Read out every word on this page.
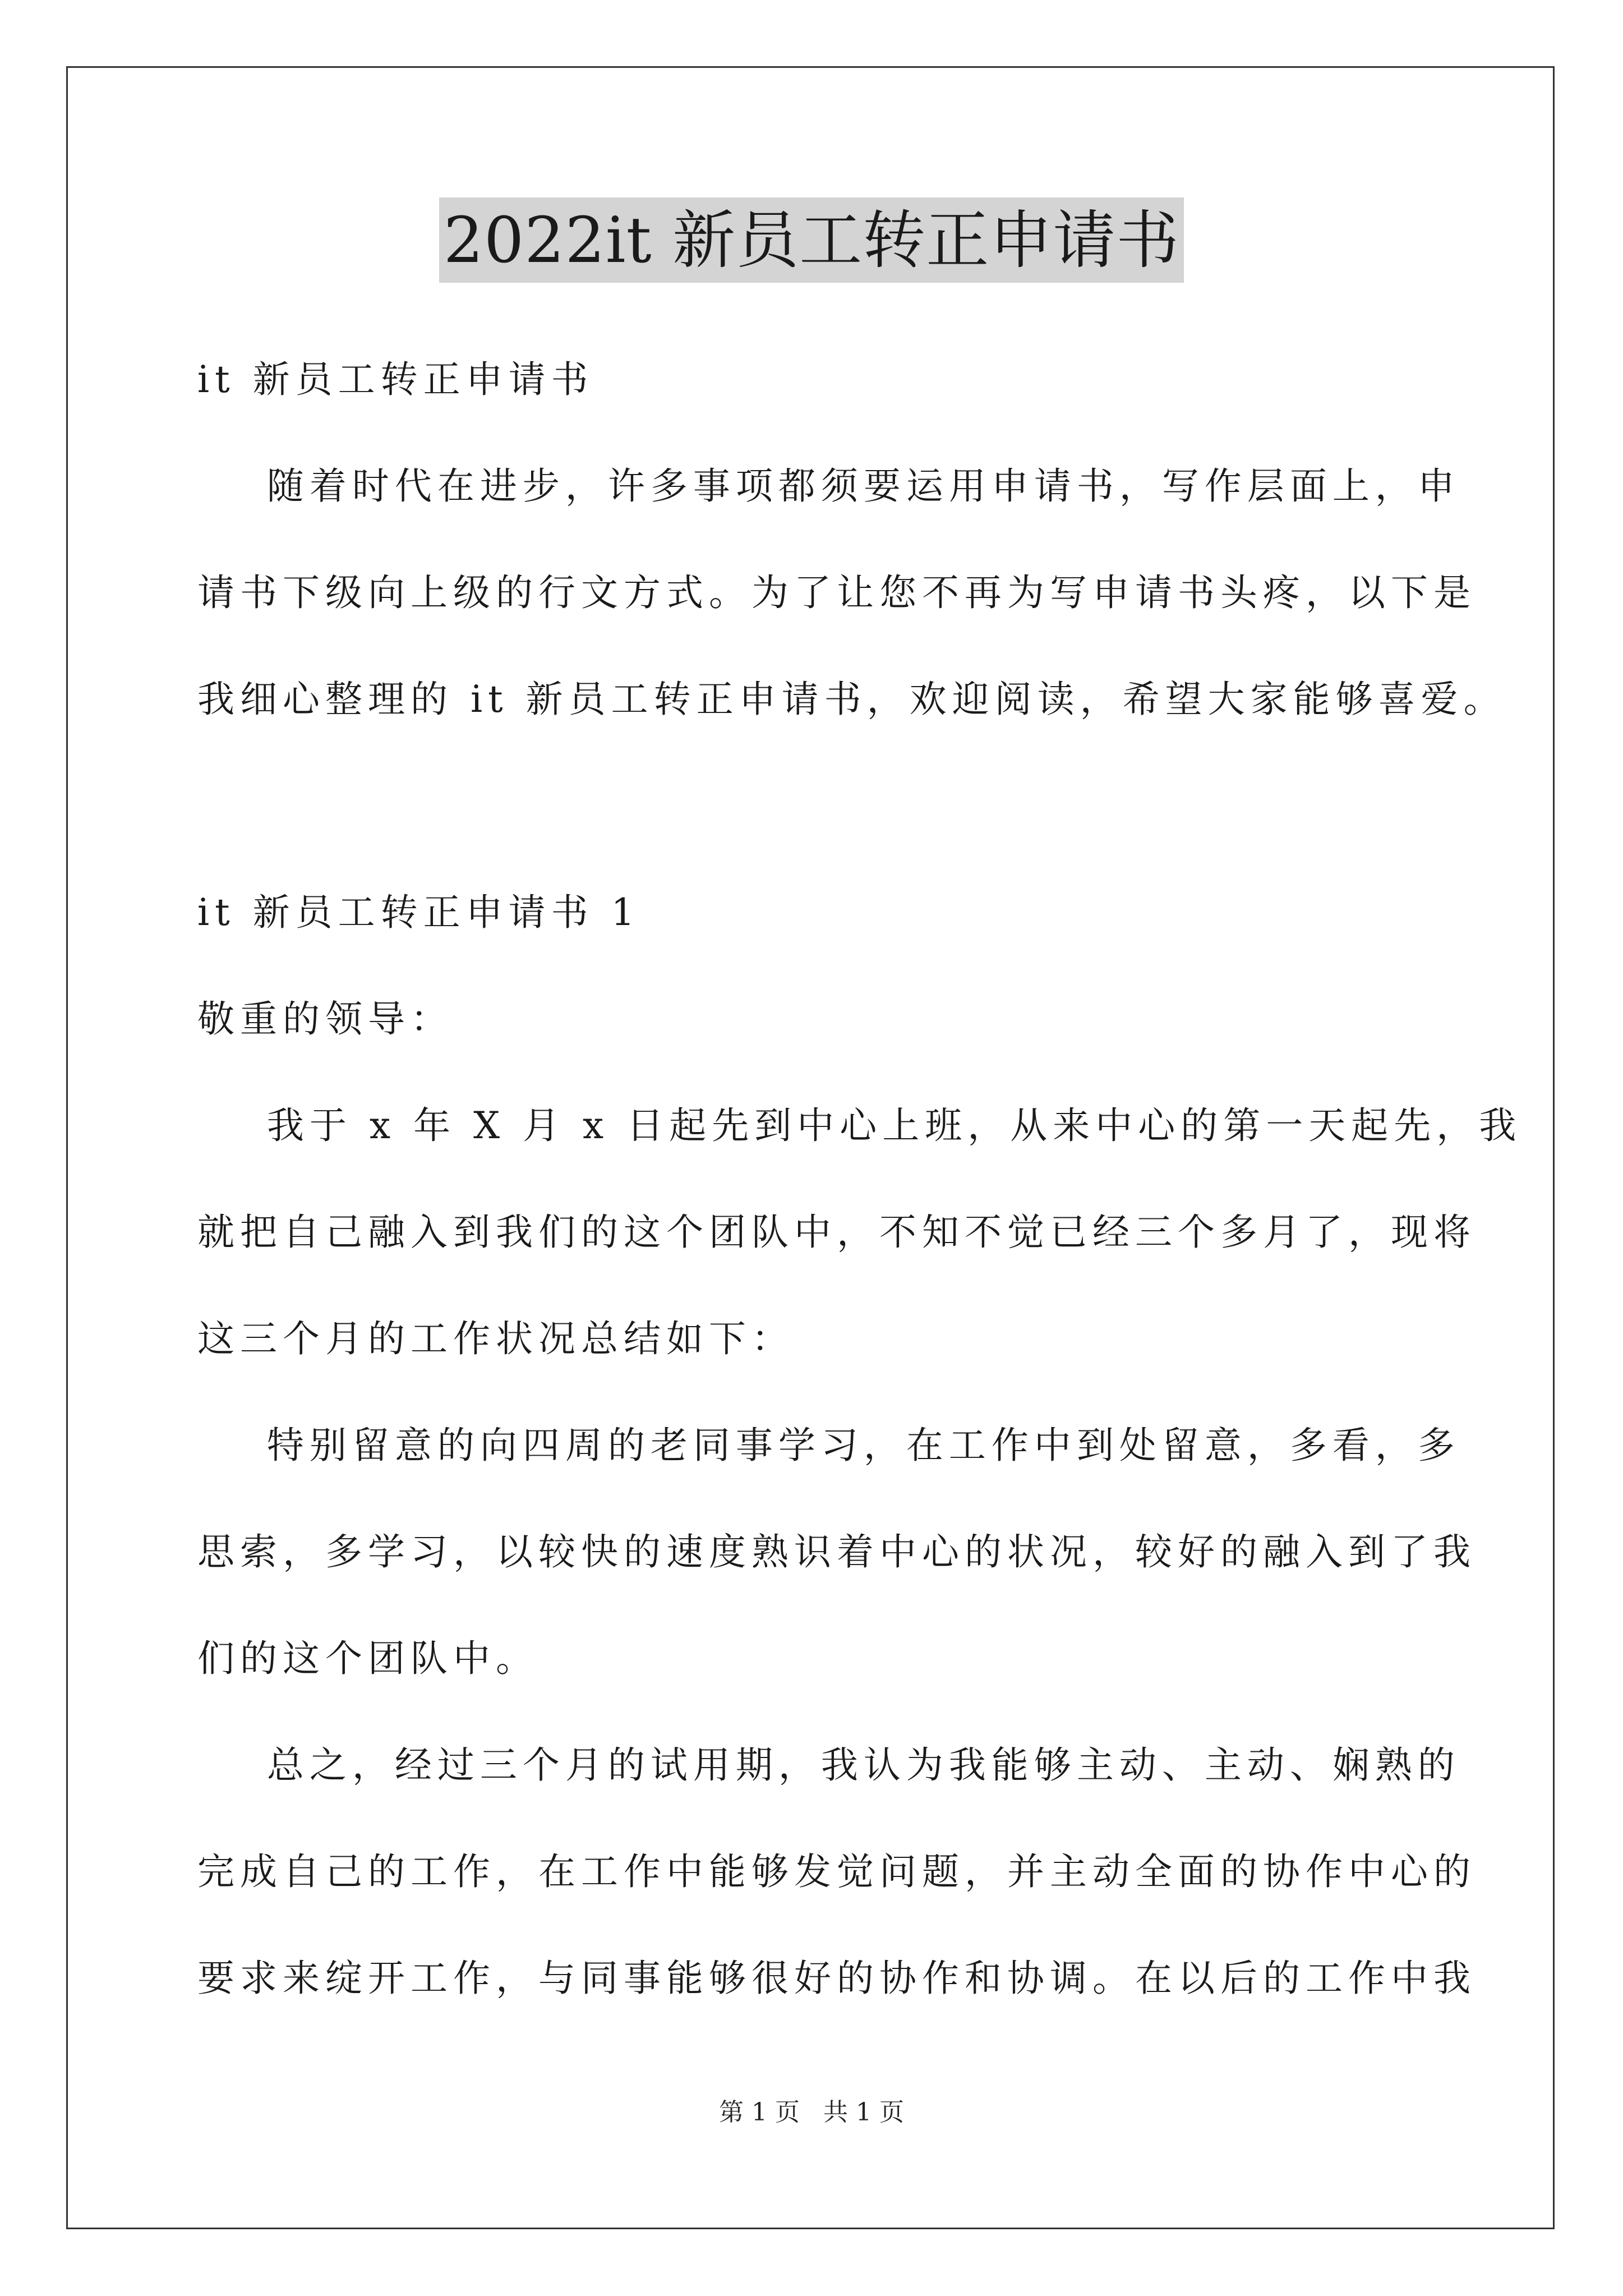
2022it 新员工转正申请书
it 新员工转正申请书
随着时代在进步，许多事项都须要运用申请书，写作层面上，申
请书下级向上级的行文方式。为了让您不再为写申请书头疼，以下是
我细心整理的 it 新员工转正申请书，欢迎阅读，希望大家能够喜爱。
it 新员工转正申请书 1
敬重的领导：
我于 x 年 X 月 x 日起先到中心上班，从来中心的第一天起先，我
就把自己融入到我们的这个团队中，不知不觉已经三个多月了，现将
这三个月的工作状况总结如下：
特别留意的向四周的老同事学习，在工作中到处留意，多看，多
思索，多学习，以较快的速度熟识着中心的状况，较好的融入到了我
们的这个团队中。
总之，经过三个月的试用期，我认为我能够主动、主动、娴熟的
完成自己的工作，在工作中能够发觉问题，并主动全面的协作中心的
要求来绽开工作，与同事能够很好的协作和协调。在以后的工作中我
第 1 页   共 1 页
